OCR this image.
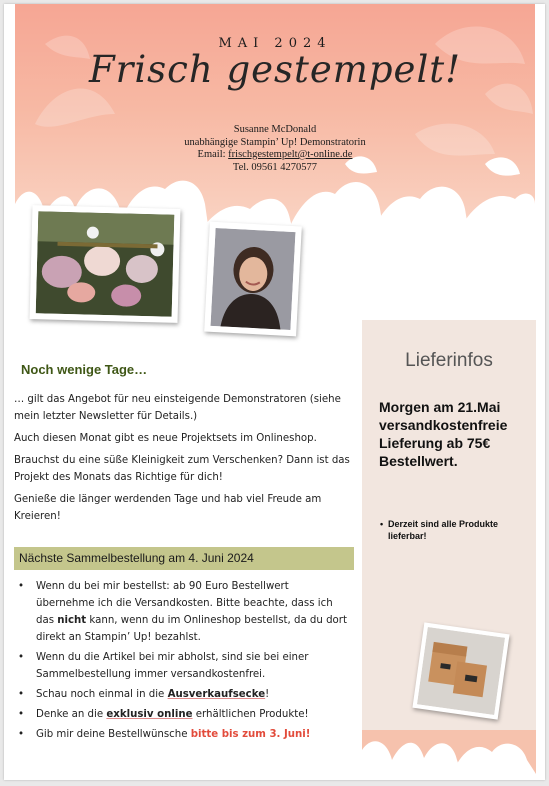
MAI 2024
Frisch gestempelt!
Susanne McDonald
unabhängige Stampin’ Up! Demonstratorin
Email: frischgestempelt@t-online.de
Tel. 09561 4270577
Lieferinfos
Morgen am 21.Mai versandkostenfreie Lieferung ab 75€ Bestellwert.
• Derzeit sind alle Produkte lieferbar!
Noch wenige Tage…

… gilt das Angebot für neu einsteigende Demonstratoren (siehe mein letzter Newsletter für Details.)

Auch diesen Monat gibt es neue Projektsets im Onlineshop.

Brauchst du eine süße Kleinigkeit zum Verschenken? Dann ist das Projekt des Monats das Richtige für dich!

Genieße die länger werdenden Tage und hab viel Freude am Kreieren!

Nächste Sammelbestellung am 4. Juni 2024
• Wenn du bei mir bestellst: ab 90 Euro Bestellwert übernehme ich die Versandkosten. Bitte beachte, dass ich das nicht kann, wenn du im Onlineshop bestellst, da du dort direkt an Stampin’ Up! bezahlst.
• Wenn du die Artikel bei mir abholst, sind sie bei einer Sammelbestellung immer versandkostenfrei.
• Schau noch einmal in die Ausverkaufsecke!
• Denke an die exklusiv online erhältlichen Produkte!
• Gib mir deine Bestellwünsche bitte bis zum 3. Juni!
